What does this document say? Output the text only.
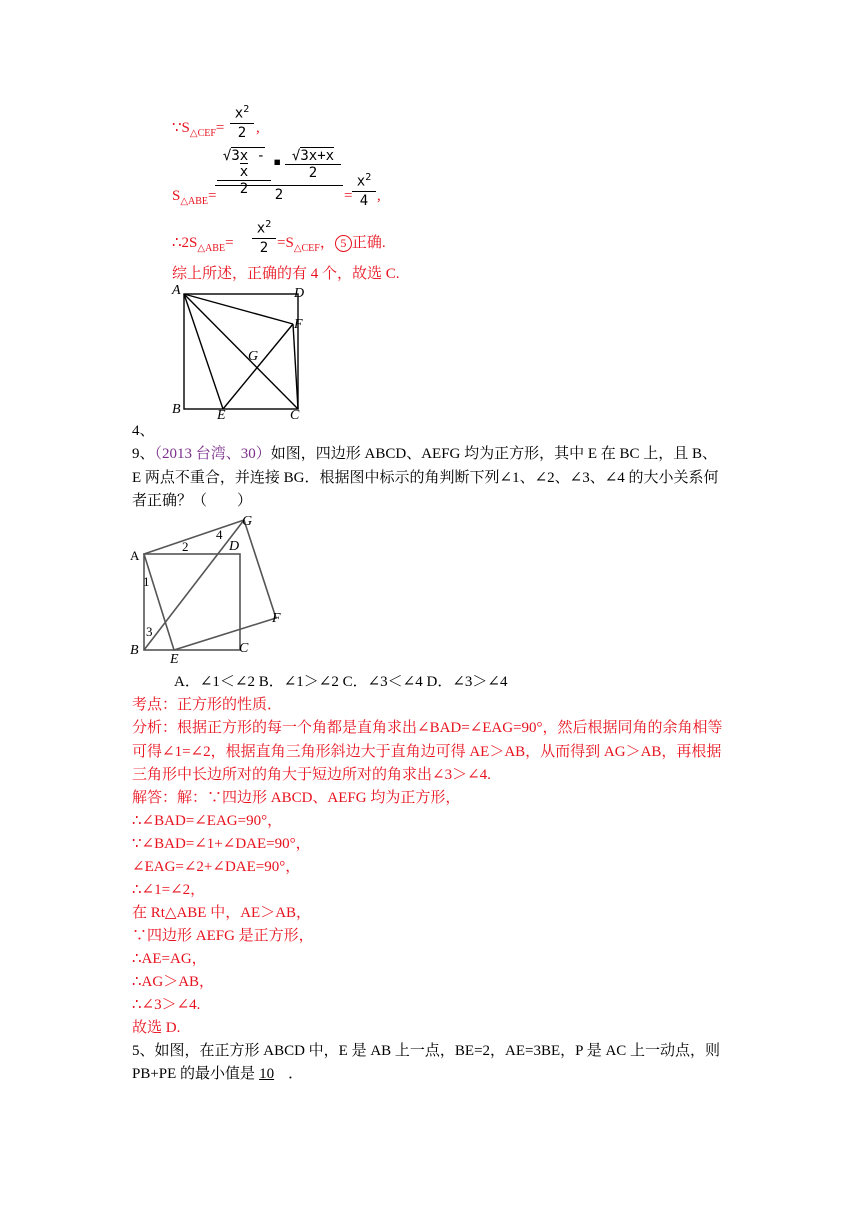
$\because S_{\triangle CEF}=$
$x^2$
2 ,
$S_{\triangle ABE}=$
√3x - x
2
▪ √3x+x
2
2	=
$x^2$
4 ,
$\therefore 2S_{\triangle ABE}=$
$x^2$
$2 =S_{\triangle CEF}$， 5 正确.
综上所述，正确的有 4 个，故选 C.
A	D
F
G
B	E	C
4、
9、（2013 台湾、30）如图，四边形 ABCD、AEFG 均为正方形，其中 E 在 BC 上，且 B、
E 两点不重合，并连接 BG．根据图中标示的角判断下列∠1、∠2、∠3、∠4 的大小关系何
者正确？（　　）
A
2
4
D
G
1
F
3
B
E
C
A．∠1＜∠2 B．∠1＞∠2 C．∠3＜∠4 D．∠3＞∠4
考点：正方形的性质．
分析：根据正方形的每一个角都是直角求出∠BAD=∠EAG=90°，然后根据同角的余角相等
可得∠1=∠2，根据直角三角形斜边大于直角边可得 AE＞AB，从而得到 AG＞AB，再根据
三角形中长边所对的角大于短边所对的角求出∠3＞∠4.
解答：解：∵四边形 ABCD、AEFG 均为正方形，
∴∠BAD=∠EAG=90°，
∵∠BAD=∠1+∠DAE=90°，
∠EAG=∠2+∠DAE=90°，
∴∠1=∠2，
在 Rt△ABE 中，AE＞AB，
∵四边形 AEFG 是正方形，
∴AE=AG，
∴AG＞AB，
∴∠3＞∠4.
故选 D.
5、如图，在正方形 ABCD 中，E 是 AB 上一点，BE=2，AE=3BE，P 是 AC 上一动点，则
PB+PE 的最小值是 10 ．
